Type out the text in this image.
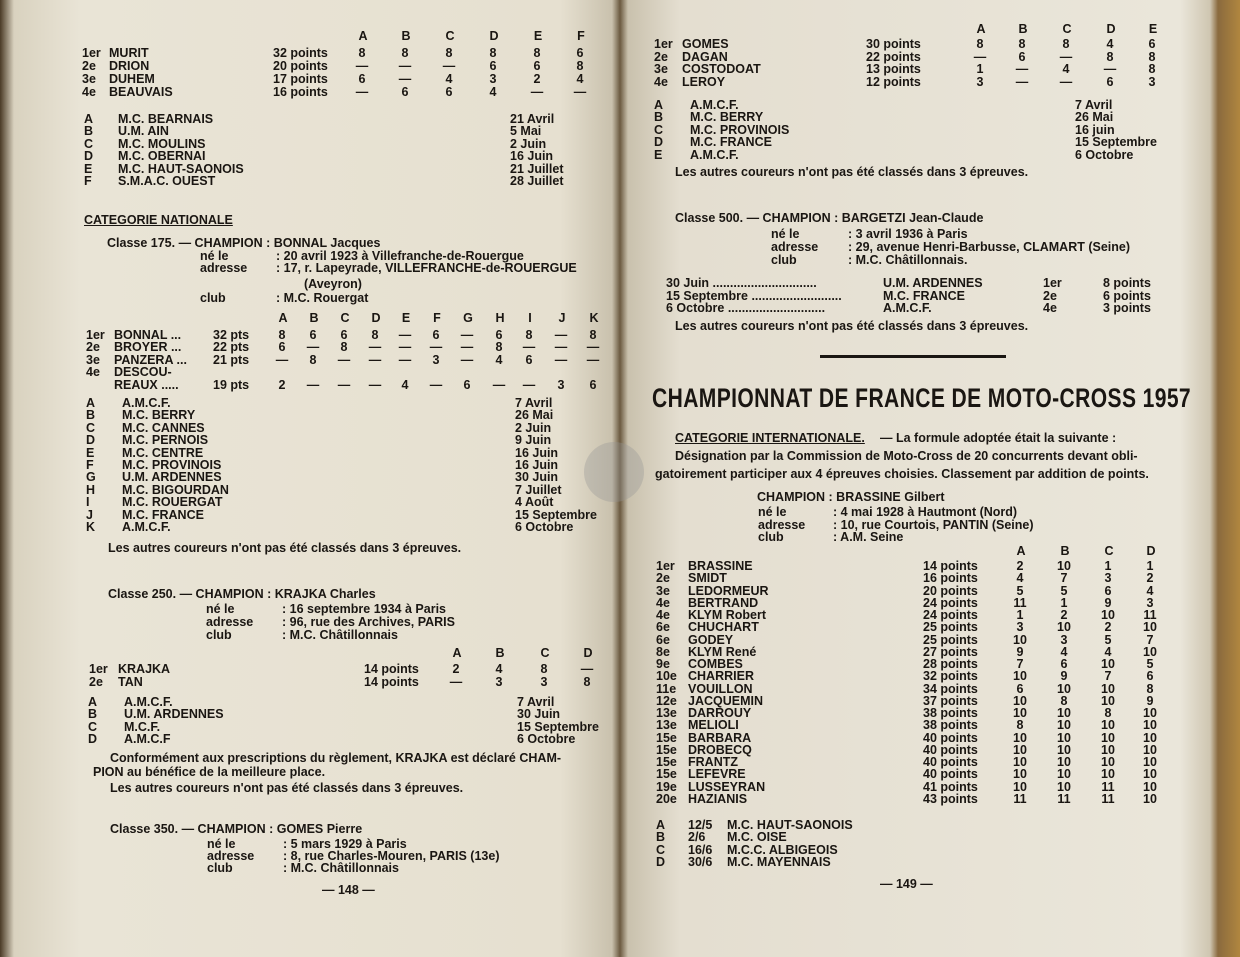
A	B	C	D	E	F
1er MURIT	32 points	8	8	8	8	8	6
2e DRION	20 points — —	—	6	6	8
3e DUHEM	17 points	6	—	4	3	2	4
4e BEAUVAIS	16 points —	6	6	4	— —
A M.C. BEARNAIS	21 Avril
B U.M. AIN	5 Mai
C M.C. MOULINS	2 Juin
D M.C. OBERNAI	16 Juin
E M.C. HAUT-SAONOIS	21 Juillet
F S.M.A.C. OUEST	28 Juillet
CATEGORIE NATIONALE
Classe 175. — CHAMPION : BONNAL Jacques
né le	: 20 avril 1923 à Villefranche-de-Rouergue
adresse : 17, r. Lapeyrade, VILLEFRANCHE-de-ROUERGUE
(Aveyron)
club	: M.C. Rouergat
A B C D E F G H	I	J K
1er BONNAL ...	32 pts	8	6	6	8	—	6	—	6	8	—	8
2e BROYER ...	22 pts	6	—	8	— — — —	8	— — —
3e PANZERA ... 21 pts —	8	— — —	3	—	4	6	— —
4e DESCOU-
REAUX .....	19 pts	2	— — —	4	—	6	— —	3	6
A A.M.C.F.	7 Avril
B M.C. BERRY	26 Mai
C M.C. CANNES	2 Juin
D M.C. PERNOIS	9 Juin
E M.C. CENTRE	16 Juin
F M.C. PROVINOIS	16 Juin
G U.M. ARDENNES	30 Juin
H M.C. BIGOURDAN	7 Juillet
I	M.C. ROUERGAT	4 Août
J M.C. FRANCE	15 Septembre
K A.M.C.F.	6 Octobre
Les autres coureurs n'ont pas été classés dans 3 épreuves.
Classe 250. — CHAMPION : KRAJKA Charles
né le	: 16 septembre 1934 à Paris
adresse : 96, rue des Archives, PARIS
club	: M.C. Châtillonnais
A	B	C	D
1er KRAJKA	14 points	2	4	8	—
2e TAN	14 points —	3	3	8
A A.M.C.F.	7 Avril
B U.M. ARDENNES	30 Juin
C M.C.F.	15 Septembre
D A.M.C.F	6 Octobre
Conformément aux prescriptions du règlement, KRAJKA est déclaré CHAM-
PION au bénéfice de la meilleure place.
Les autres coureurs n'ont pas été classés dans 3 épreuves.
Classe 350. — CHAMPION : GOMES Pierre
né le	: 5 mars 1929 à Paris
adresse : 8, rue Charles-Mouren, PARIS (13e)
club	: M.C. Châtillonnais
— 148 —
A	B	C	D	E
1er GOMES	30 points	8	8	8	4	6
2e DAGAN	22 points	—	6	—	8	8
3e COSTODOAT	13 points	1	—	4	—	8
4e LEROY	12 points	3	—	—	6	3
A A.M.C.F.	7 Avril
B M.C. BERRY	26 Mai
C M.C. PROVINOIS	16 juin
D M.C. FRANCE	15 Septembre
E A.M.C.F.	6 Octobre
Les autres coureurs n'ont pas été classés dans 3 épreuves.
Classe 500. — CHAMPION : BARGETZI Jean-Claude
né le	: 3 avril 1936 à Paris
adresse : 29, avenue Henri-Barbusse, CLAMART (Seine)
club	: M.C. Châtillonnais.
30 Juin ..............................	U.M. ARDENNES	1er	8 points
15 Septembre ..........................	M.C. FRANCE	2e	6 points
6 Octobre ............................	A.M.C.F.	4e	3 points
Les autres coureurs n'ont pas été classés dans 3 épreuves.
CATEGORIE INTERNATIONALE. — La formule adoptée était la suivante :
Désignation par la Commission de Moto-Cross de 20 concurrents devant obli-
gatoirement participer aux 4 épreuves choisies. Classement par addition de points.
CHAMPION : BRASSINE Gilbert
né le	: 4 mai 1928 à Hautmont (Nord)
adresse : 10, rue Courtois, PANTIN (Seine)
club	: A.M. Seine
A	B	C	D
1er BRASSINE	14 points	2	10	1	1
2e SMIDT	16 points	4	7	3	2
3e LEDORMEUR	20 points	5	5	6	4
4e BERTRAND	24 points	11	1	9	3
4e KLYM Robert	24 points	1	2	10 11
6e CHUCHART	25 points	3	10	2	10
6e GODEY	25 points	10	3	5	7
8e KLYM René	27 points	9	4	4	10
9e COMBES	28 points	7	6	10	5
10e CHARRIER	32 points	10	9	7	6
11e VOUILLON	34 points	6	10 10	8
12e JACQUEMIN	37 points	10	8	10	9
13e DARROUY	38 points	10 10	8	10
13e MELIOLI	38 points	8	10 10 10
15e BARBARA	40 points	10 10 10 10
15e DROBECQ	40 points	10 10 10 10
15e FRANTZ	40 points	10 10 10 10
15e LEFEVRE	40 points	10 10 10 10
19e LUSSEYRAN	41 points	10 10 11 10
20e HAZIANIS	43 points	11 11 11 10
A 12/5 M.C. HAUT-SAONOIS
B 2/6 M.C. OISE
C 16/6 M.C.C. ALBIGEOIS
D 30/6 M.C. MAYENNAIS
— 149 —
CHAMPIONNAT DE FRANCE DE MOTO-CROSS 1957
